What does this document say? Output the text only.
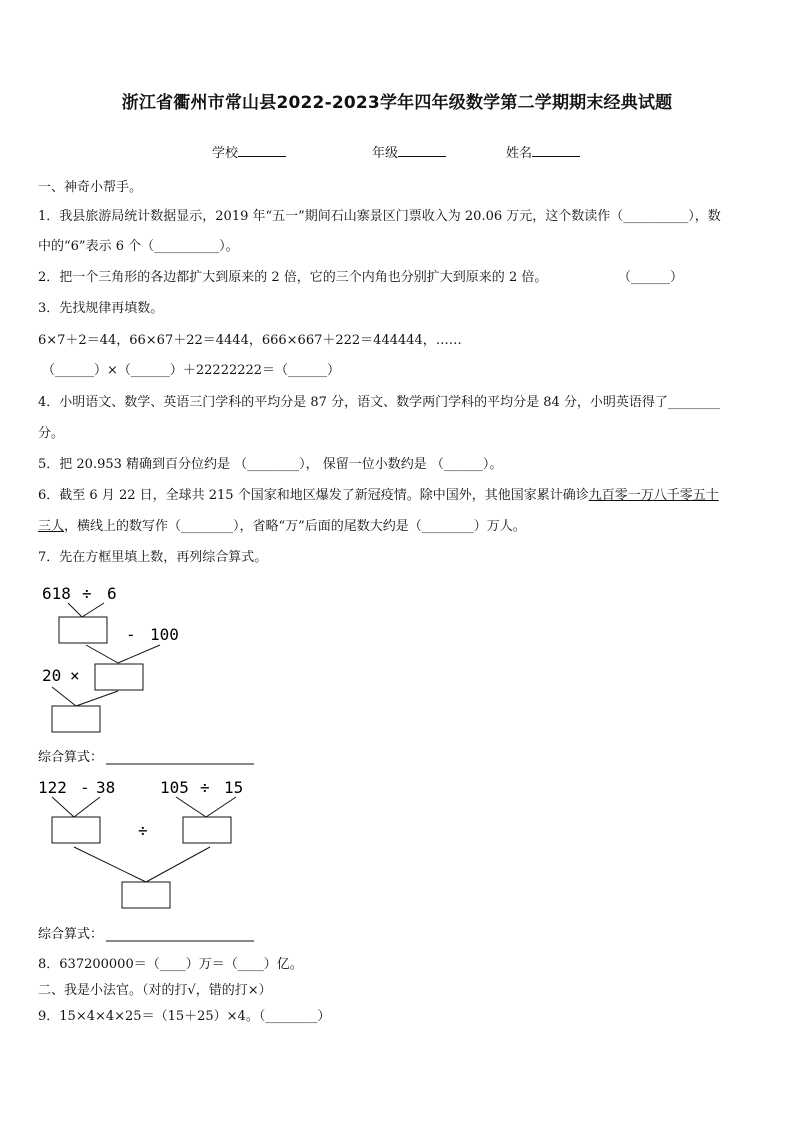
浙江省衢州市常山县2022-2023学年四年级数学第二学期期末经典试题
学校	年级	姓名
一、神奇小帮手。
1．我县旅游局统计数据显示，2019 年“五一”期间石山寨景区门票收入为 20.06 万元，这个数读作（__________），数
中的“6”表示 6 个（__________）。
2．把一个三角形的各边都扩大到原来的 2 倍，它的三个内角也分别扩大到原来的 2 倍。	（______）
3．先找规律再填数。
6×7＋2＝44，66×67＋22＝4444，666×667＋222＝444444，……
（______）×（______）＋22222222＝（______）
4．小明语文、数学、英语三门学科的平均分是 87 分，语文、数学两门学科的平均分是 84 分，小明英语得了________
分。
5．把 20.953 精确到百分位约是 （________）， 保留一位小数约是 （______）。
6．截至 6 月 22 日，全球共 215 个国家和地区爆发了新冠疫情。除中国外，其他国家累计确诊九百零一万八千零五十
三人，横线上的数写作（________），省略“万”后面的尾数大约是（________）万人。
7．先在方框里填上数，再列综合算式。
618 ÷ 6
- 100
20 ×
综合算式：
122 - 38	105 ÷ 15
÷
综合算式：
8．637200000＝（____）万＝（____）亿。
二、我是小法官。（对的打√，错的打×）
9．15×4×4×25＝（15＋25）×4。（________）
